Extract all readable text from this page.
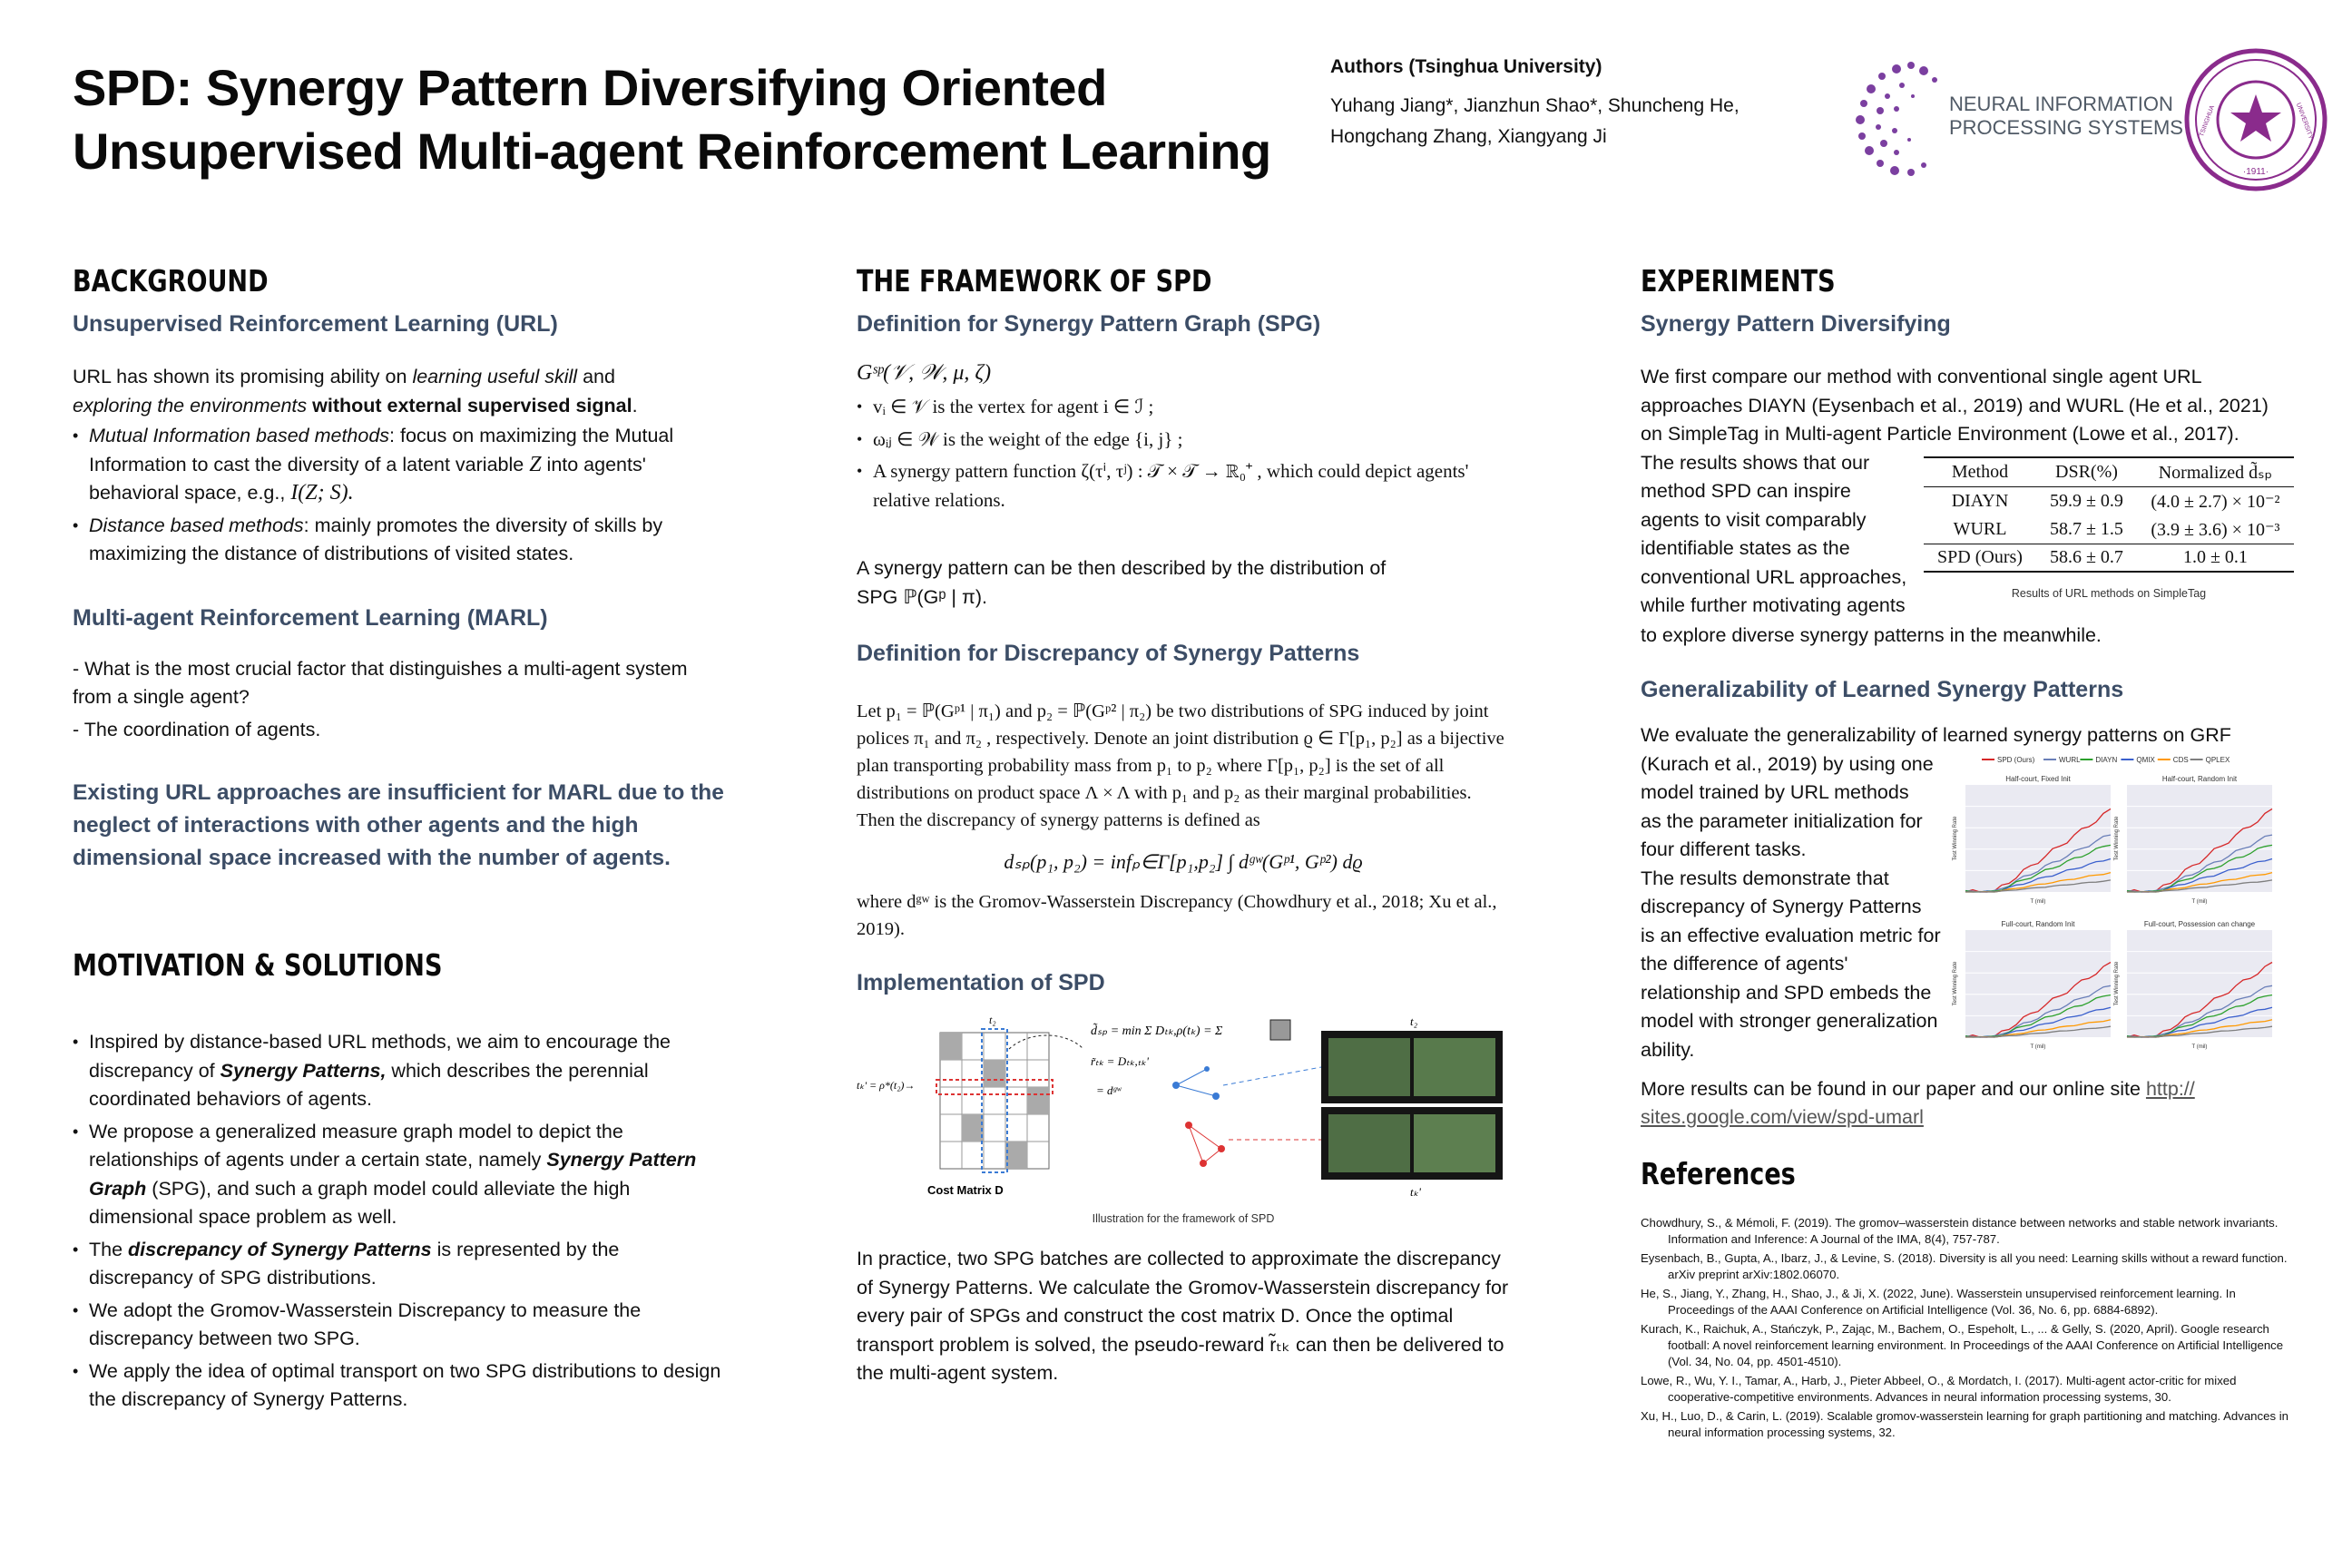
SPD: Synergy Pattern Diversifying Oriented
Unsupervised Multi-agent Reinforcement Learning
Authors (Tsinghua University)
Yuhang Jiang*, Jianzhun Shao*, Shuncheng He,
Hongchang Zhang, Xiangyang Ji
NEURAL INFORMATION
PROCESSING SYSTEMS
·1911·
TSINGHUA	UNIVERSITY
BACKGROUND
Unsupervised Reinforcement Learning (URL)
URL has shown its promising ability on learning useful skill and
exploring the environments without external supervised signal.
• Mutual Information based methods: focus on maximizing the Mutual Information to cast the diversity of a latent variable Z into agents' behavioral space, e.g., I(Z; S).
• Distance based methods: mainly promotes the diversity of skills by maximizing the distance of distributions of visited states.
Multi-agent Reinforcement Learning (MARL)
- What is the most crucial factor that distinguishes a multi-agent system from a single agent?
- The coordination of agents.
Existing URL approaches are insufficient for MARL due to the neglect of interactions with other agents and the high dimensional space increased with the number of agents.
MOTIVATION & SOLUTIONS
• Inspired by distance-based URL methods, we aim to encourage the discrepancy of Synergy Patterns, which describes the perennial coordinated behaviors of agents.
• We propose a generalized measure graph model to depict the relationships of agents under a certain state, namely Synergy Pattern Graph (SPG), and such a graph model could alleviate the high dimensional space problem as well.
• The discrepancy of Synergy Patterns is represented by the discrepancy of SPG distributions.
• We adopt the Gromov-Wasserstein Discrepancy to measure the discrepancy between two SPG.
• We apply the idea of optimal transport on two SPG distributions to design the discrepancy of Synergy Patterns.
THE FRAMEWORK OF SPD
Definition for Synergy Pattern Graph (SPG)
Gˢᵖ(𝒱, 𝒲, μ, ζ)
• vᵢ ∈ 𝒱 is the vertex for agent i ∈ ℐ ;
• ωᵢⱼ ∈ 𝒲 is the weight of the edge {i, j} ;
• A synergy pattern function ζ(τⁱ, τʲ) : 𝒯 × 𝒯 → ℝ₀⁺ , which could depict agents' relative relations.
A synergy pattern can be then described by the distribution of
SPG ℙ(Gᵖ | π).
Definition for Discrepancy of Synergy Patterns
Let p₁ = ℙ(Gᵖ¹ | π₁) and p₂ = ℙ(Gᵖ² | π₂) be two distributions of SPG induced by joint polices π₁ and π₂ , respectively. Denote an joint distribution ϱ ∈ Γ[p₁, p₂] as a bijective plan transporting probability mass from p₁ to p₂ where Γ[p₁, p₂] is the set of all distributions on product space Λ × Λ with p₁ and p₂ as their marginal probabilities. Then the discrepancy of synergy patterns is defined as
dₛₚ(p₁, p₂) = infₚ∈Γ[p₁,p₂] ∫ dᵍʷ(Gᵖ¹, Gᵖ²) dϱ
where dᵍʷ is the Gromov-Wasserstein Discrepancy (Chowdhury et al., 2018; Xu et al., 2019).
Implementation of SPD
t₂
tₖ' = ρ*(t₂)→
Cost Matrix D
d̃ₛₚ = min Σ Dₜₖ,ρ(tₖ) = Σ
r̃ₜₖ = Dₜₖ,ₜₖ'
= dᵍʷ
t₂
tₖ'
Illustration for the framework of SPD
In practice, two SPG batches are collected to approximate the discrepancy of Synergy Patterns. We calculate the Gromov-Wasserstein discrepancy for every pair of SPGs and construct the cost matrix D. Once the optimal transport problem is solved, the pseudo-reward r̃ₜₖ can then be delivered to the multi-agent system.
EXPERIMENTS
Synergy Pattern Diversifying
We first compare our method with conventional single agent URL approaches DIAYN (Eysenbach et al., 2019) and WURL (He et al., 2021) on SimpleTag in Multi-agent Particle Environment (Lowe et al., 2017).
The results shows that our
method SPD can inspire
agents to visit comparably
identifiable states as the
conventional URL approaches,
while further motivating agents
Method	DSR(%)	Normalized d̃ₛₚ
DIAYN	59.9 ± 0.9	(4.0 ± 2.7) × 10⁻²
WURL	58.7 ± 1.5	(3.9 ± 3.6) × 10⁻³
SPD (Ours)	58.6 ± 0.7	1.0 ± 0.1
Results of URL methods on SimpleTag
to explore diverse synergy patterns in the meanwhile.
Generalizability of Learned Synergy Patterns
We evaluate the generalizability of learned synergy patterns on GRF
(Kurach et al., 2019) by using one
model trained by URL methods
as the parameter initialization for
four different tasks.
The results demonstrate that
discrepancy of Synergy Patterns
is an effective evaluation metric for
the difference of agents'
relationship and SPD embeds the
model with stronger generalization
ability.
SPD (Ours)	WURL DIAYN	QMIX CDS QPLEX
Half-court, Fixed Init
Test Winning Rate
T (mil)
Half-court, Random Init
Test Winning Rate
T (mil)
Full-court, Random Init
Test Winning Rate
T (mil)
Full-court, Possession can change
Test Winning Rate
T (mil)
More results can be found in our paper and our online site http://
sites.google.com/view/spd-umarl
References
Chowdhury, S., & Mémoli, F. (2019). The gromov–wasserstein distance between networks and stable network invariants. Information and Inference: A Journal of the IMA, 8(4), 757-787.
Eysenbach, B., Gupta, A., Ibarz, J., & Levine, S. (2018). Diversity is all you need: Learning skills without a reward function. arXiv preprint arXiv:1802.06070.
He, S., Jiang, Y., Zhang, H., Shao, J., & Ji, X. (2022, June). Wasserstein unsupervised reinforcement learning. In Proceedings of the AAAI Conference on Artificial Intelligence (Vol. 36, No. 6, pp. 6884-6892).
Kurach, K., Raichuk, A., Stańczyk, P., Zając, M., Bachem, O., Espeholt, L., ... & Gelly, S. (2020, April). Google research football: A novel reinforcement learning environment. In Proceedings of the AAAI Conference on Artificial Intelligence (Vol. 34, No. 04, pp. 4501-4510).
Lowe, R., Wu, Y. I., Tamar, A., Harb, J., Pieter Abbeel, O., & Mordatch, I. (2017). Multi-agent actor-critic for mixed cooperative-competitive environments. Advances in neural information processing systems, 30.
Xu, H., Luo, D., & Carin, L. (2019). Scalable gromov-wasserstein learning for graph partitioning and matching. Advances in neural information processing systems, 32.
